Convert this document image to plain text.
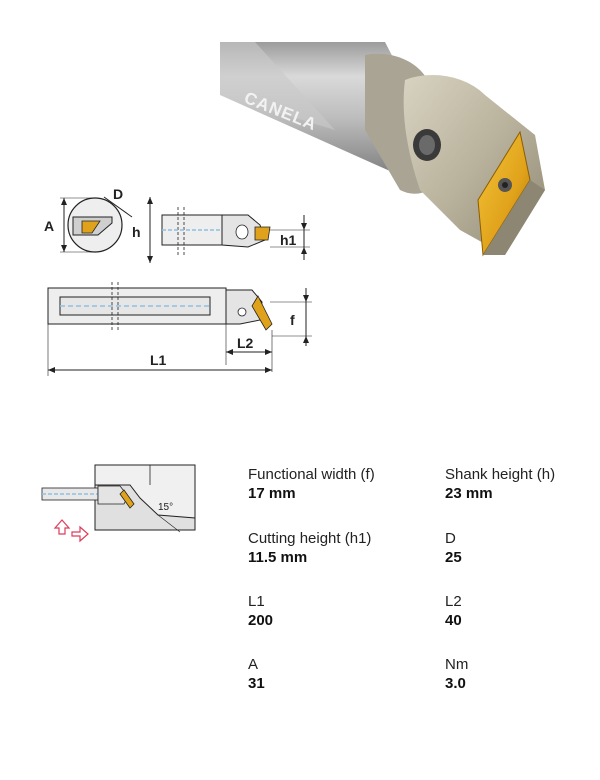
CANELA
A
D
h	h1
f
L2
L1
15°
Functional width (f)
17 mm
Shank height (h)
23 mm
Cutting height (h1)
11.5 mm
D
25
L1
200
L2
40
A
31
Nm
3.0
